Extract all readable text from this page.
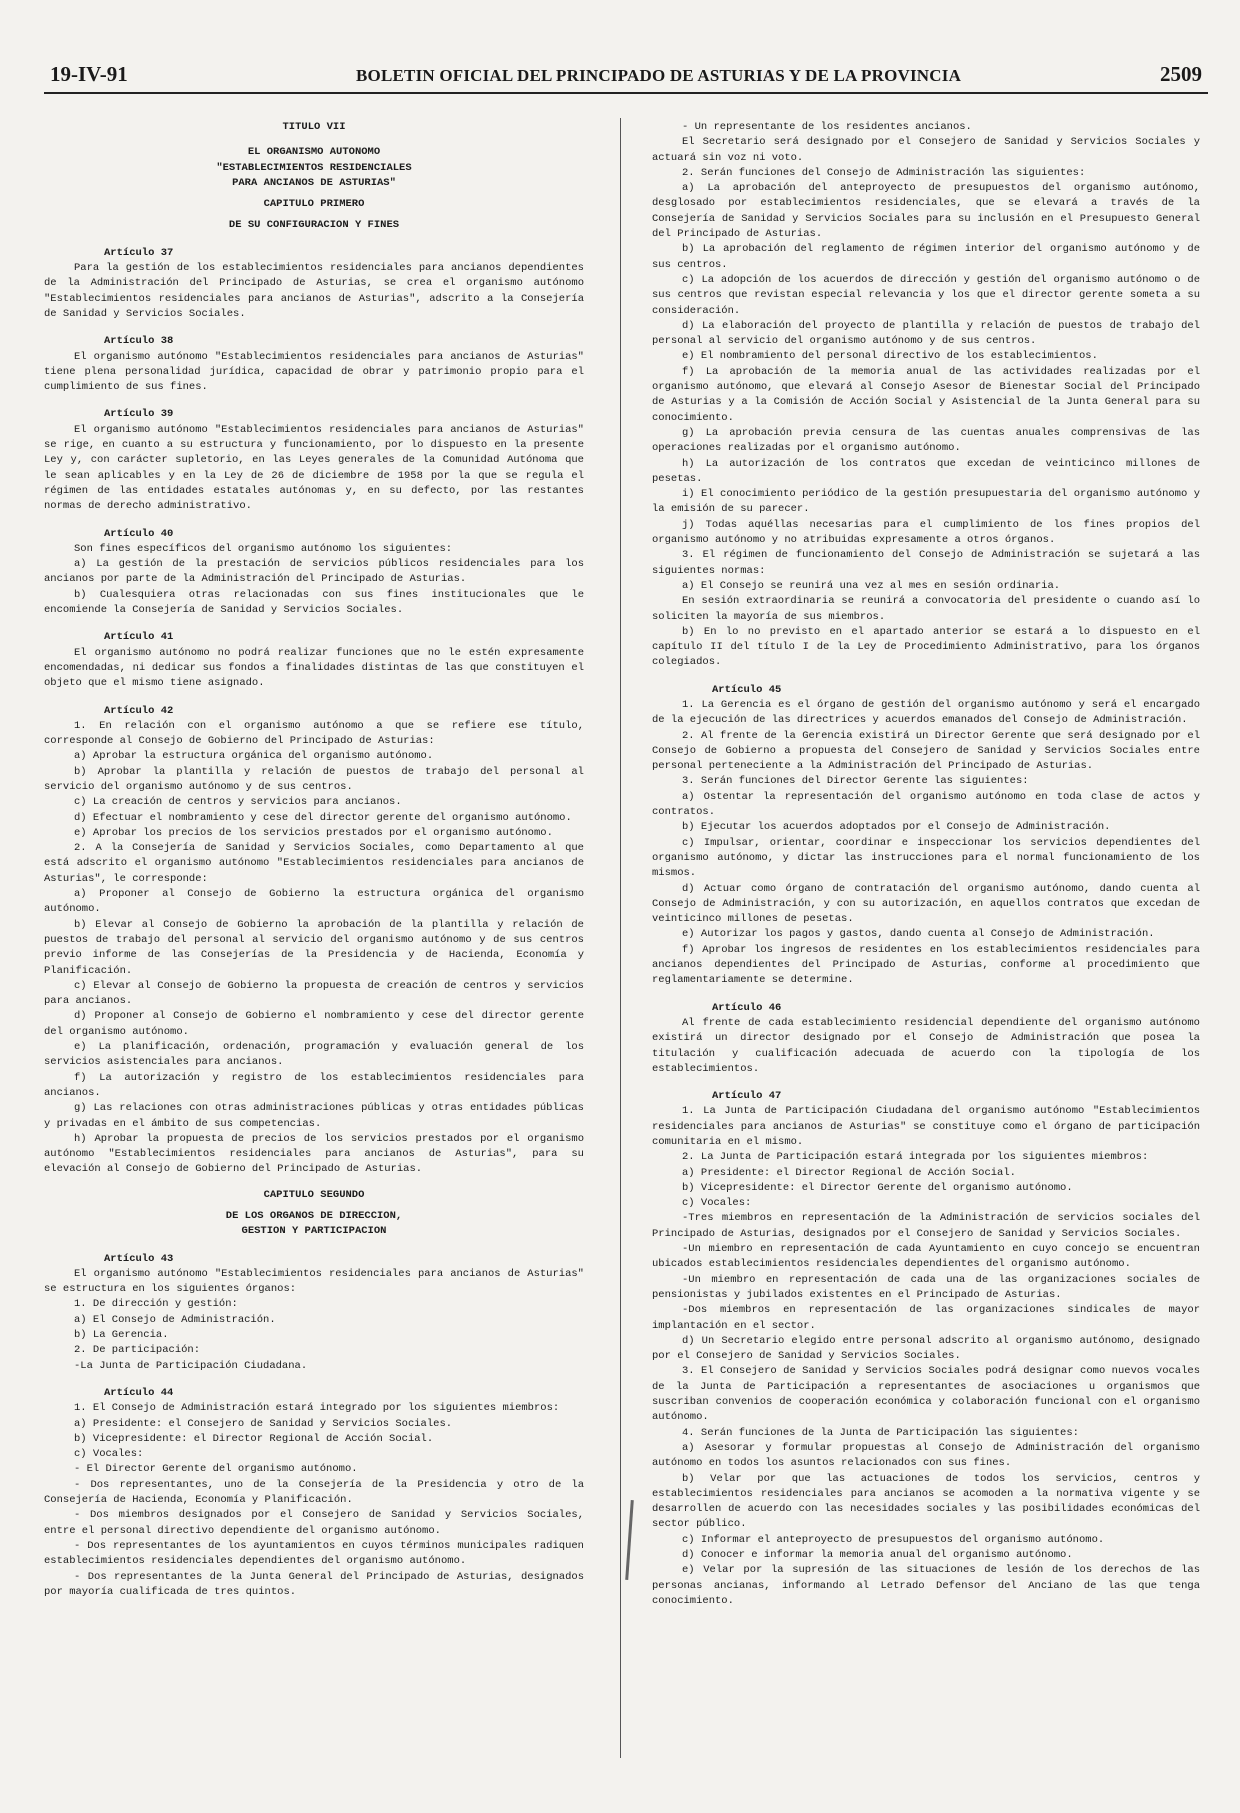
19-IV-91	BOLETIN OFICIAL DEL PRINCIPADO DE ASTURIAS Y DE LA PROVINCIA	2509
TITULO VII
EL ORGANISMO AUTONOMO
"ESTABLECIMIENTOS RESIDENCIALES
PARA ANCIANOS DE ASTURIAS"
CAPITULO PRIMERO
DE SU CONFIGURACION Y FINES
Artículo 37

Para la gestión de los establecimientos residenciales para ancianos dependientes de la Administración del Principado de Asturias, se crea el organismo autónomo "Establecimientos residenciales para ancianos de Asturias", adscrito a la Consejería de Sanidad y Servicios Sociales.

Artículo 38

El organismo autónomo "Establecimientos residenciales para ancianos de Asturias" tiene plena personalidad jurídica, capacidad de obrar y patrimonio propio para el cumplimiento de sus fines.

Artículo 39

El organismo autónomo "Establecimientos residenciales para ancianos de Asturias" se rige, en cuanto a su estructura y funcionamiento, por lo dispuesto en la presente Ley y, con carácter supletorio, en las Leyes generales de la Comunidad Autónoma que le sean aplicables y en la Ley de 26 de diciembre de 1958 por la que se regula el régimen de las entidades estatales autónomas y, en su defecto, por las restantes normas de derecho administrativo.

Artículo 40

Son fines específicos del organismo autónomo los siguientes:

a) La gestión de la prestación de servicios públicos residenciales para los ancianos por parte de la Administración del Principado de Asturias.

b) Cualesquiera otras relacionadas con sus fines institucionales que le encomiende la Consejería de Sanidad y Servicios Sociales.

Artículo 41

El organismo autónomo no podrá realizar funciones que no le estén expresamente encomendadas, ni dedicar sus fondos a finalidades distintas de las que constituyen el objeto que el mismo tiene asignado.

Artículo 42

1. En relación con el organismo autónomo a que se refiere ese título, corresponde al Consejo de Gobierno del Principado de Asturias:

a) Aprobar la estructura orgánica del organismo autónomo.

b) Aprobar la plantilla y relación de puestos de trabajo del personal al servicio del organismo autónomo y de sus centros.

c) La creación de centros y servicios para ancianos.

d) Efectuar el nombramiento y cese del director gerente del organismo autónomo.

e) Aprobar los precios de los servicios prestados por el organismo autónomo.

2. A la Consejería de Sanidad y Servicios Sociales, como Departamento al que está adscrito el organismo autónomo "Establecimientos residenciales para ancianos de Asturias", le corresponde:

a) Proponer al Consejo de Gobierno la estructura orgánica del organismo autónomo.

b) Elevar al Consejo de Gobierno la aprobación de la plantilla y relación de puestos de trabajo del personal al servicio del organismo autónomo y de sus centros previo informe de las Consejerías de la Presidencia y de Hacienda, Economía y Planificación.

c) Elevar al Consejo de Gobierno la propuesta de creación de centros y servicios para ancianos.

d) Proponer al Consejo de Gobierno el nombramiento y cese del director gerente del organismo autónomo.

e) La planificación, ordenación, programación y evaluación general de los servicios asistenciales para ancianos.

f) La autorización y registro de los establecimientos residenciales para ancianos.

g) Las relaciones con otras administraciones públicas y otras entidades públicas y privadas en el ámbito de sus competencias.

h) Aprobar la propuesta de precios de los servicios prestados por el organismo autónomo "Establecimientos residenciales para ancianos de Asturias", para su elevación al Consejo de Gobierno del Principado de Asturias.

CAPITULO SEGUNDO
DE LOS ORGANOS DE DIRECCION,
GESTION Y PARTICIPACION
Artículo 43

El organismo autónomo "Establecimientos residenciales para ancianos de Asturias" se estructura en los siguientes órganos:

1. De dirección y gestión:

a) El Consejo de Administración.

b) La Gerencia.

2. De participación:

-La Junta de Participación Ciudadana.

Artículo 44

1. El Consejo de Administración estará integrado por los siguientes miembros:

a) Presidente: el Consejero de Sanidad y Servicios Sociales.

b) Vicepresidente: el Director Regional de Acción Social.

c) Vocales:

- El Director Gerente del organismo autónomo.

- Dos representantes, uno de la Consejería de la Presidencia y otro de la Consejería de Hacienda, Economía y Planificación.

- Dos miembros designados por el Consejero de Sanidad y Servicios Sociales, entre el personal directivo dependiente del organismo autónomo.

- Dos representantes de los ayuntamientos en cuyos términos municipales radiquen establecimientos residenciales dependientes del organismo autónomo.

- Dos representantes de la Junta General del Principado de Asturias, designados por mayoría cualificada de tres quintos.

- Un representante de los residentes ancianos.

El Secretario será designado por el Consejero de Sanidad y Servicios Sociales y actuará sin voz ni voto.

2. Serán funciones del Consejo de Administración las siguientes:

a) La aprobación del anteproyecto de presupuestos del organismo autónomo, desglosado por establecimientos residenciales, que se elevará a través de la Consejería de Sanidad y Servicios Sociales para su inclusión en el Presupuesto General del Principado de Asturias.

b) La aprobación del reglamento de régimen interior del organismo autónomo y de sus centros.

c) La adopción de los acuerdos de dirección y gestión del organismo autónomo o de sus centros que revistan especial relevancia y los que el director gerente someta a su consideración.

d) La elaboración del proyecto de plantilla y relación de puestos de trabajo del personal al servicio del organismo autónomo y de sus centros.

e) El nombramiento del personal directivo de los establecimientos.

f) La aprobación de la memoria anual de las actividades realizadas por el organismo autónomo, que elevará al Consejo Asesor de Bienestar Social del Principado de Asturias y a la Comisión de Acción Social y Asistencial de la Junta General para su conocimiento.

g) La aprobación previa censura de las cuentas anuales comprensivas de las operaciones realizadas por el organismo autónomo.

h) La autorización de los contratos que excedan de veinticinco millones de pesetas.

i) El conocimiento periódico de la gestión presupuestaria del organismo autónomo y la emisión de su parecer.

j) Todas aquéllas necesarias para el cumplimiento de los fines propios del organismo autónomo y no atribuidas expresamente a otros órganos.

3. El régimen de funcionamiento del Consejo de Administración se sujetará a las siguientes normas:

a) El Consejo se reunirá una vez al mes en sesión ordinaria.

En sesión extraordinaria se reunirá a convocatoria del presidente o cuando así lo soliciten la mayoría de sus miembros.

b) En lo no previsto en el apartado anterior se estará a lo dispuesto en el capítulo II del título I de la Ley de Procedimiento Administrativo, para los órganos colegiados.

Artículo 45

1. La Gerencia es el órgano de gestión del organismo autónomo y será el encargado de la ejecución de las directrices y acuerdos emanados del Consejo de Administración.

2. Al frente de la Gerencia existirá un Director Gerente que será designado por el Consejo de Gobierno a propuesta del Consejero de Sanidad y Servicios Sociales entre personal perteneciente a la Administración del Principado de Asturias.

3. Serán funciones del Director Gerente las siguientes:

a) Ostentar la representación del organismo autónomo en toda clase de actos y contratos.

b) Ejecutar los acuerdos adoptados por el Consejo de Administración.

c) Impulsar, orientar, coordinar e inspeccionar los servicios dependientes del organismo autónomo, y dictar las instrucciones para el normal funcionamiento de los mismos.

d) Actuar como órgano de contratación del organismo autónomo, dando cuenta al Consejo de Administración, y con su autorización, en aquellos contratos que excedan de veinticinco millones de pesetas.

e) Autorizar los pagos y gastos, dando cuenta al Consejo de Administración.

f) Aprobar los ingresos de residentes en los establecimientos residenciales para ancianos dependientes del Principado de Asturias, conforme al procedimiento que reglamentariamente se determine.

Artículo 46

Al frente de cada establecimiento residencial dependiente del organismo autónomo existirá un director designado por el Consejo de Administración que posea la titulación y cualificación adecuada de acuerdo con la tipología de los establecimientos.

Artículo 47

1. La Junta de Participación Ciudadana del organismo autónomo "Establecimientos residenciales para ancianos de Asturias" se constituye como el órgano de participación comunitaria en el mismo.

2. La Junta de Participación estará integrada por los siguientes miembros:

a) Presidente: el Director Regional de Acción Social.

b) Vicepresidente: el Director Gerente del organismo autónomo.

c) Vocales:

-Tres miembros en representación de la Administración de servicios sociales del Principado de Asturias, designados por el Consejero de Sanidad y Servicios Sociales.

-Un miembro en representación de cada Ayuntamiento en cuyo concejo se encuentran ubicados establecimientos residenciales dependientes del organismo autónomo.

-Un miembro en representación de cada una de las organizaciones sociales de pensionistas y jubilados existentes en el Principado de Asturias.

-Dos miembros en representación de las organizaciones sindicales de mayor implantación en el sector.

d) Un Secretario elegido entre personal adscrito al organismo autónomo, designado por el Consejero de Sanidad y Servicios Sociales.

3. El Consejero de Sanidad y Servicios Sociales podrá designar como nuevos vocales de la Junta de Participación a representantes de asociaciones u organismos que suscriban convenios de cooperación económica y colaboración funcional con el organismo autónomo.

4. Serán funciones de la Junta de Participación las siguientes:

a) Asesorar y formular propuestas al Consejo de Administración del organismo autónomo en todos los asuntos relacionados con sus fines.

b) Velar por que las actuaciones de todos los servicios, centros y establecimientos residenciales para ancianos se acomoden a la normativa vigente y se desarrollen de acuerdo con las necesidades sociales y las posibilidades económicas del sector público.

c) Informar el anteproyecto de presupuestos del organismo autónomo.

d) Conocer e informar la memoria anual del organismo autónomo.

e) Velar por la supresión de las situaciones de lesión de los derechos de las personas ancianas, informando al Letrado Defensor del Anciano de las que tenga conocimiento.
